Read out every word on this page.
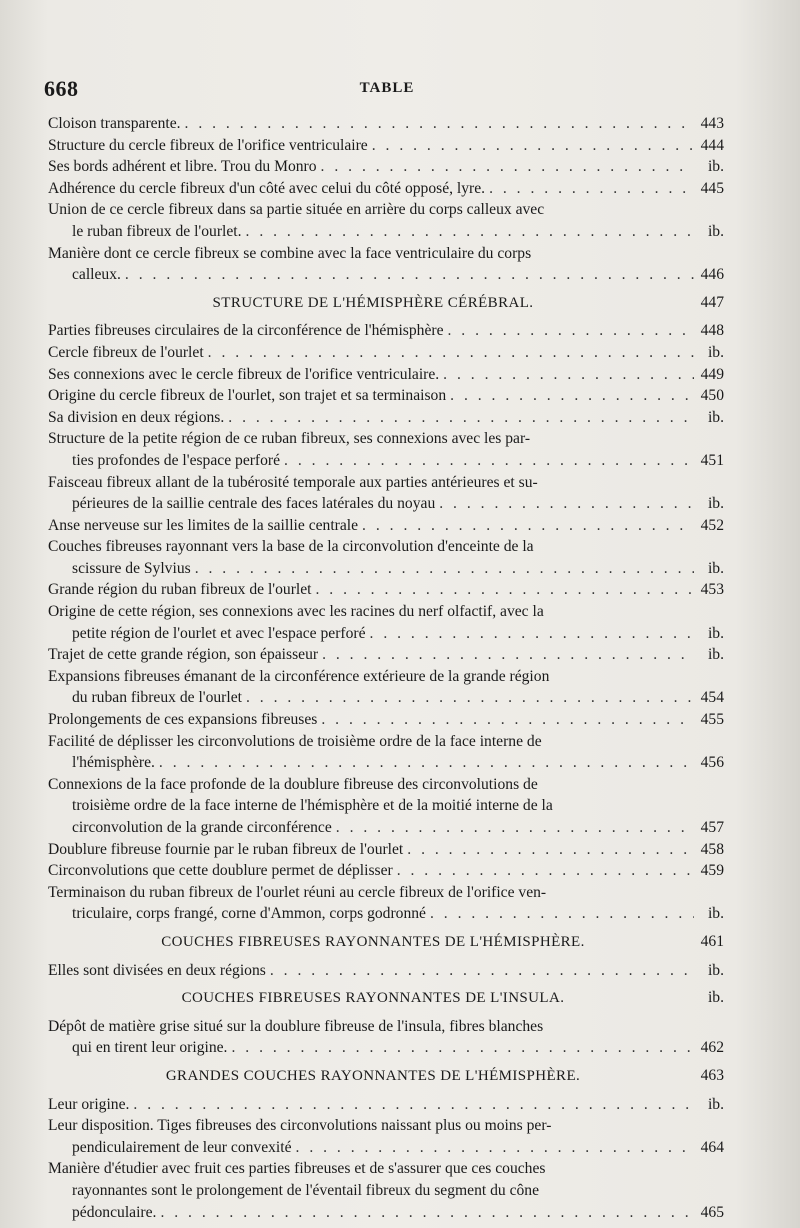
668	TABLE
Cloison transparente. . . .	443
Structure du cercle fibreux de l'orifice ventriculaire . . .	444
Ses bords adhérent et libre. Trou du Monro . . .	ib.
Adhérence du cercle fibreux d'un côté avec celui du côté opposé, lyre. . . .	445
Union de ce cercle fibreux dans sa partie située en arrière du corps calleux avec
le ruban fibreux de l'ourlet. . . .	ib.
Manière dont ce cercle fibreux se combine avec la face ventriculaire du corps
calleux. . . .	446
STRUCTURE DE L'HÉMISPHÈRE CÉRÉBRAL.	447
Parties fibreuses circulaires de la circonférence de l'hémisphère . . .	448
Cercle fibreux de l'ourlet . . .	ib.
Ses connexions avec le cercle fibreux de l'orifice ventriculaire. . . .	449
Origine du cercle fibreux de l'ourlet, son trajet et sa terminaison . . .	450
Sa division en deux régions. . . .	ib.
Structure de la petite région de ce ruban fibreux, ses connexions avec les par-
ties profondes de l'espace perforé . . .	451
Faisceau fibreux allant de la tubérosité temporale aux parties antérieures et su-
périeures de la saillie centrale des faces latérales du noyau . . .	ib.
Anse nerveuse sur les limites de la saillie centrale . . .	452
Couches fibreuses rayonnant vers la base de la circonvolution d'enceinte de la
scissure de Sylvius . . .	ib.
Grande région du ruban fibreux de l'ourlet . . .	453
Origine de cette région, ses connexions avec les racines du nerf olfactif, avec la
petite région de l'ourlet et avec l'espace perforé . . .	ib.
Trajet de cette grande région, son épaisseur . . .	ib.
Expansions fibreuses émanant de la circonférence extérieure de la grande région
du ruban fibreux de l'ourlet . . .	454
Prolongements de ces expansions fibreuses . . .	455
Facilité de déplisser les circonvolutions de troisième ordre de la face interne de
l'hémisphère. . . .	456
Connexions de la face profonde de la doublure fibreuse des circonvolutions de
troisième ordre de la face interne de l'hémisphère et de la moitié interne de la
circonvolution de la grande circonférence . . .	457
Doublure fibreuse fournie par le ruban fibreux de l'ourlet . . .	458
Circonvolutions que cette doublure permet de déplisser . . .	459
Terminaison du ruban fibreux de l'ourlet réuni au cercle fibreux de l'orifice ven-
triculaire, corps frangé, corne d'Ammon, corps godronné . . .	ib.
COUCHES FIBREUSES RAYONNANTES DE L'HÉMISPHÈRE.	461
Elles sont divisées en deux régions . . .	ib.
COUCHES FIBREUSES RAYONNANTES DE L'INSULA.	ib.
Dépôt de matière grise situé sur la doublure fibreuse de l'insula, fibres blanches
qui en tirent leur origine. . . .	462
GRANDES COUCHES RAYONNANTES DE L'HÉMISPHÈRE.	463
Leur origine. . . .	ib.
Leur disposition. Tiges fibreuses des circonvolutions naissant plus ou moins per-
pendiculairement de leur convexité . . .	464
Manière d'étudier avec fruit ces parties fibreuses et de s'assurer que ces couches
rayonnantes sont le prolongement de l'éventail fibreux du segment du cône
pédonculaire. . . .	465
